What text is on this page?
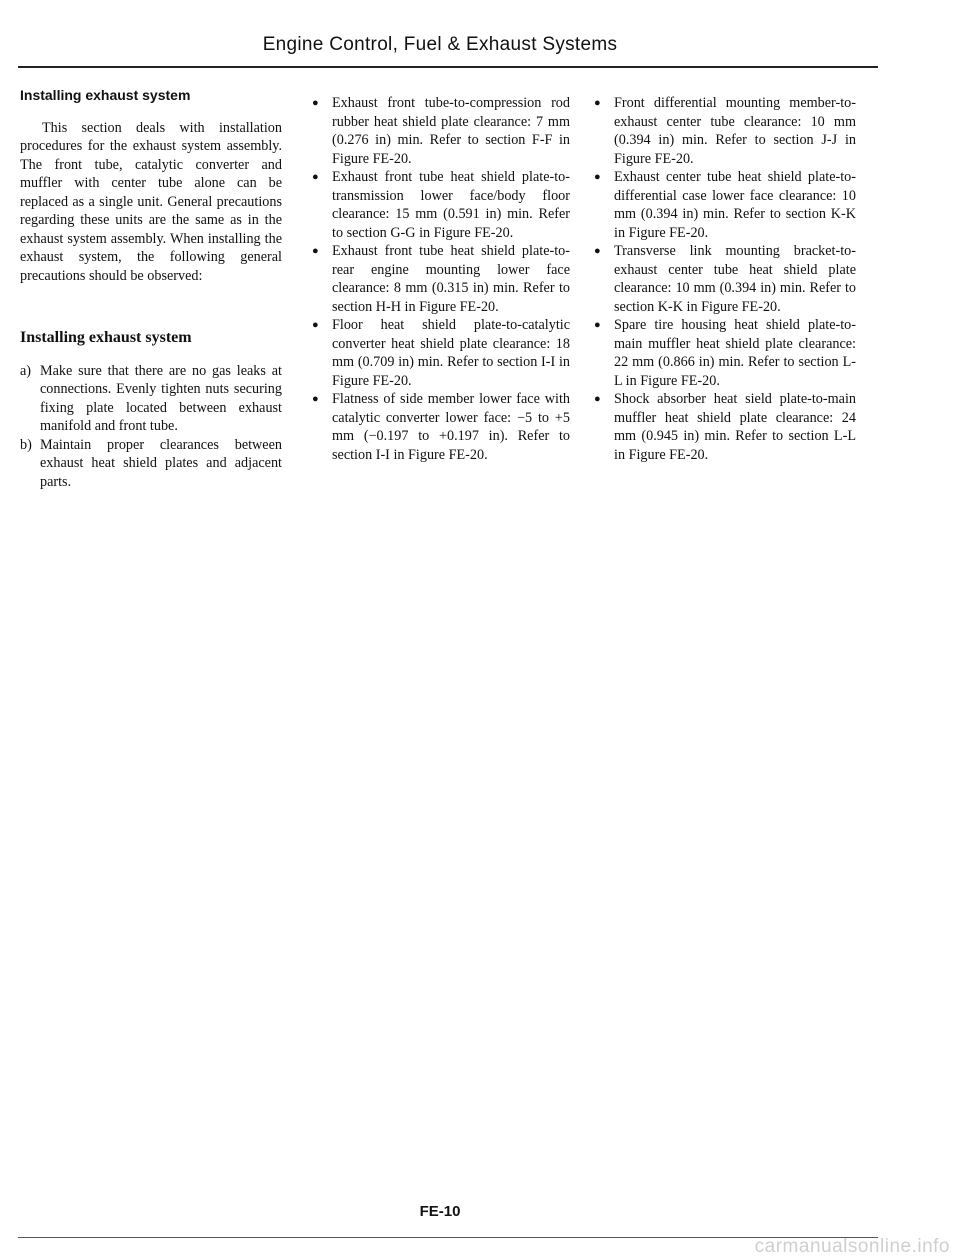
Engine Control, Fuel & Exhaust Systems
Installing exhaust system

This section deals with installation procedures for the exhaust system assembly. The front tube, catalytic converter and muffler with center tube alone can be replaced as a single unit. General precautions regarding these units are the same as in the exhaust system assembly. When installing the exhaust system, the following general precautions should be observed:

Installing exhaust system
a) Make sure that there are no gas leaks at connections. Evenly tighten nuts securing fixing plate located between exhaust manifold and front tube.
b) Maintain proper clearances between exhaust heat shield plates and adjacent parts.
● Exhaust front tube-to-compression rod rubber heat shield plate clearance: 7 mm (0.276 in) min. Refer to section F-F in Figure FE-20.
● Exhaust front tube heat shield plate-to-transmission lower face/body floor clearance: 15 mm (0.591 in) min. Refer to section G-G in Figure FE-20.
● Exhaust front tube heat shield plate-to-rear engine mounting lower face clearance: 8 mm (0.315 in) min. Refer to section H-H in Figure FE-20.
● Floor heat shield plate-to-catalytic converter heat shield plate clearance: 18 mm (0.709 in) min. Refer to section I-I in Figure FE-20.
● Flatness of side member lower face with catalytic converter lower face: −5 to +5 mm (−0.197 to +0.197 in). Refer to section I-I in Figure FE-20.
● Front differential mounting member-to-exhaust center tube clearance: 10 mm (0.394 in) min. Refer to section J-J in Figure FE-20.
● Exhaust center tube heat shield plate-to-differential case lower face clearance: 10 mm (0.394 in) min. Refer to section K-K in Figure FE-20.
● Transverse link mounting bracket-to-exhaust center tube heat shield plate clearance: 10 mm (0.394 in) min. Refer to section K-K in Figure FE-20.
● Spare tire housing heat shield plate-to-main muffler heat shield plate clearance: 22 mm (0.866 in) min. Refer to section L-L in Figure FE-20.
● Shock absorber heat sield plate-to-main muffler heat shield plate clearance: 24 mm (0.945 in) min. Refer to section L-L in Figure FE-20.
FE-10
carmanualsonline.info
